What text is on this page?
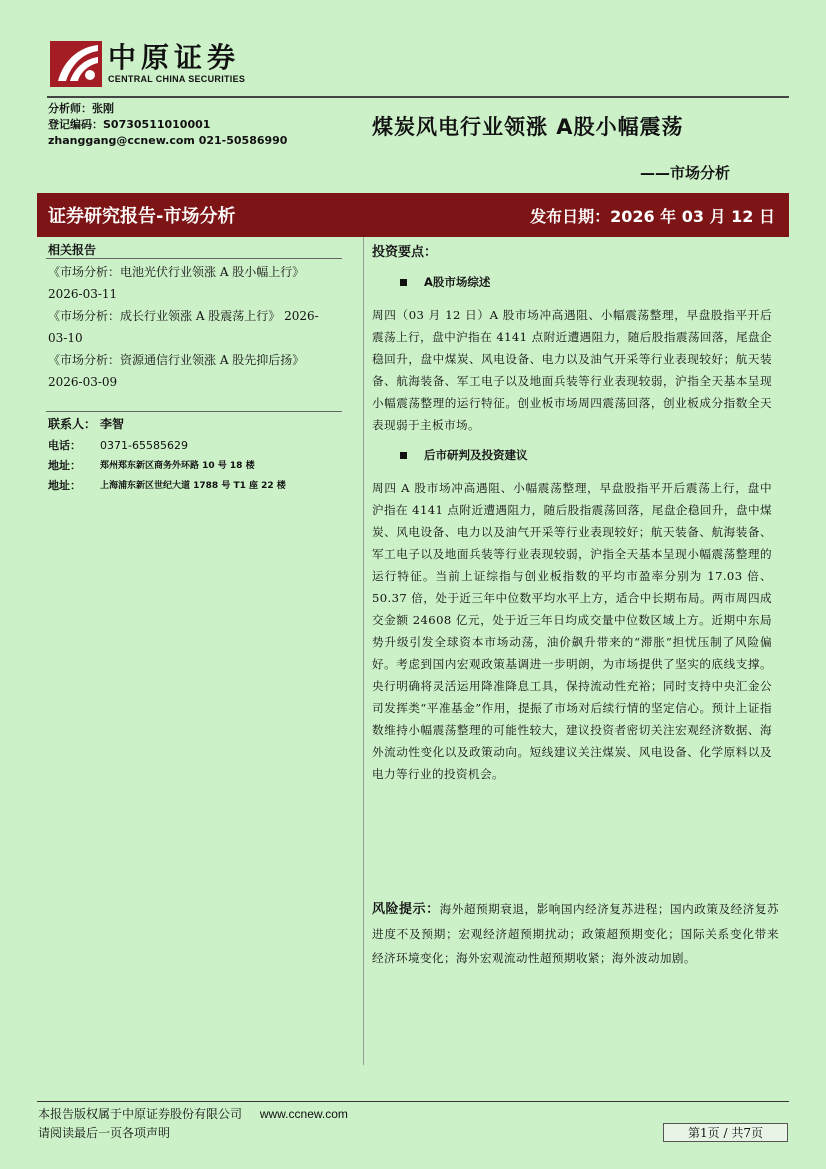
中原证券
CENTRAL CHINA SECURITIES
分析师：张刚
登记编码：S0730511010001
zhanggang@ccnew.com 021-50586990
煤炭风电行业领涨 A股小幅震荡
——市场分析
证券研究报告-市场分析	发布日期：2026 年 03 月 12 日
相关报告
《市场分析：电池光伏行业领涨 A 股小幅上行》 2026-03-11
《市场分析：成长行业领涨 A 股震荡上行》 2026-03-10
《市场分析：资源通信行业领涨 A 股先抑后扬》 2026-03-09
联系人： 李智
电话：	0371-65585629
地址：	郑州郑东新区商务外环路 10 号 18 楼
地址：	上海浦东新区世纪大道 1788 号 T1 座 22 楼
投资要点：
A股市场综述
周四（03 月 12 日）A 股市场冲高遇阻、小幅震荡整理，早盘股指平开后震荡上行，盘中沪指在 4141 点附近遭遇阻力，随后股指震荡回落，尾盘企稳回升，盘中煤炭、风电设备、电力以及油气开采等行业表现较好；航天装备、航海装备、军工电子以及地面兵装等行业表现较弱，沪指全天基本呈现小幅震荡整理的运行特征。创业板市场周四震荡回落，创业板成分指数全天表现弱于主板市场。
后市研判及投资建议
周四 A 股市场冲高遇阻、小幅震荡整理，早盘股指平开后震荡上行，盘中沪指在 4141 点附近遭遇阻力，随后股指震荡回落，尾盘企稳回升，盘中煤炭、风电设备、电力以及油气开采等行业表现较好；航天装备、航海装备、军工电子以及地面兵装等行业表现较弱，沪指全天基本呈现小幅震荡整理的运行特征。当前上证综指与创业板指数的平均市盈率分别为 17.03 倍、50.37 倍，处于近三年中位数平均水平上方，适合中长期布局。两市周四成交金额 24608 亿元，处于近三年日均成交量中位数区域上方。近期中东局势升级引发全球资本市场动荡，油价飙升带来的“滞胀”担忧压制了风险偏好。考虑到国内宏观政策基调进一步明朗，为市场提供了坚实的底线支撑。央行明确将灵活运用降准降息工具，保持流动性充裕；同时支持中央汇金公司发挥类“平准基金”作用，提振了市场对后续行情的坚定信心。预计上证指数维持小幅震荡整理的可能性较大，建议投资者密切关注宏观经济数据、海外流动性变化以及政策动向。短线建议关注煤炭、风电设备、化学原料以及电力等行业的投资机会。
风险提示：海外超预期衰退，影响国内经济复苏进程；国内政策及经济复苏进度不及预期；宏观经济超预期扰动；政策超预期变化；国际关系变化带来经济环境变化；海外宏观流动性超预期收紧；海外波动加剧。
本报告版权属于中原证券股份有限公司 www.ccnew.com
请阅读最后一页各项声明	第1页 / 共7页
